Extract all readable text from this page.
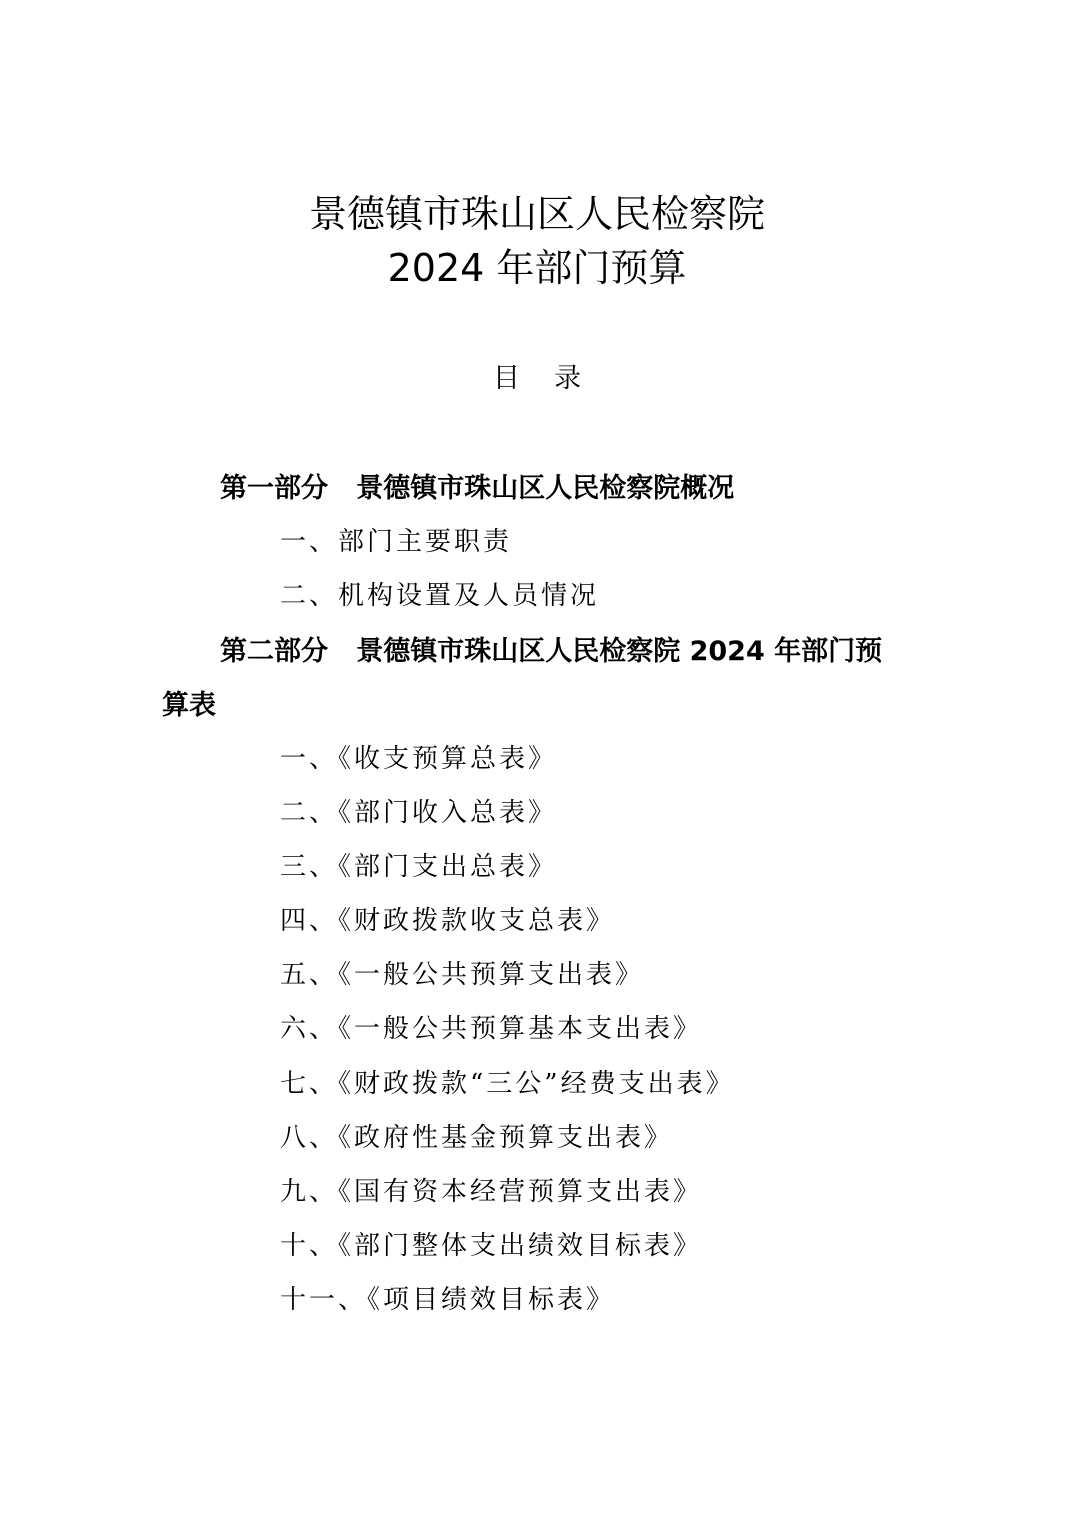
景德镇市珠山区人民检察院
2024 年部门预算
目    录
第一部分   景德镇市珠山区人民检察院概况
一、部门主要职责
二、机构设置及人员情况
第二部分   景德镇市珠山区人民检察院 2024 年部门预
算表
一、《收支预算总表》
二、《部门收入总表》
三、《部门支出总表》
四、《财政拨款收支总表》
五、《一般公共预算支出表》
六、《一般公共预算基本支出表》
七、《财政拨款“三公”经费支出表》
八、《政府性基金预算支出表》
九、《国有资本经营预算支出表》
十、《部门整体支出绩效目标表》
十一、《项目绩效目标表》
